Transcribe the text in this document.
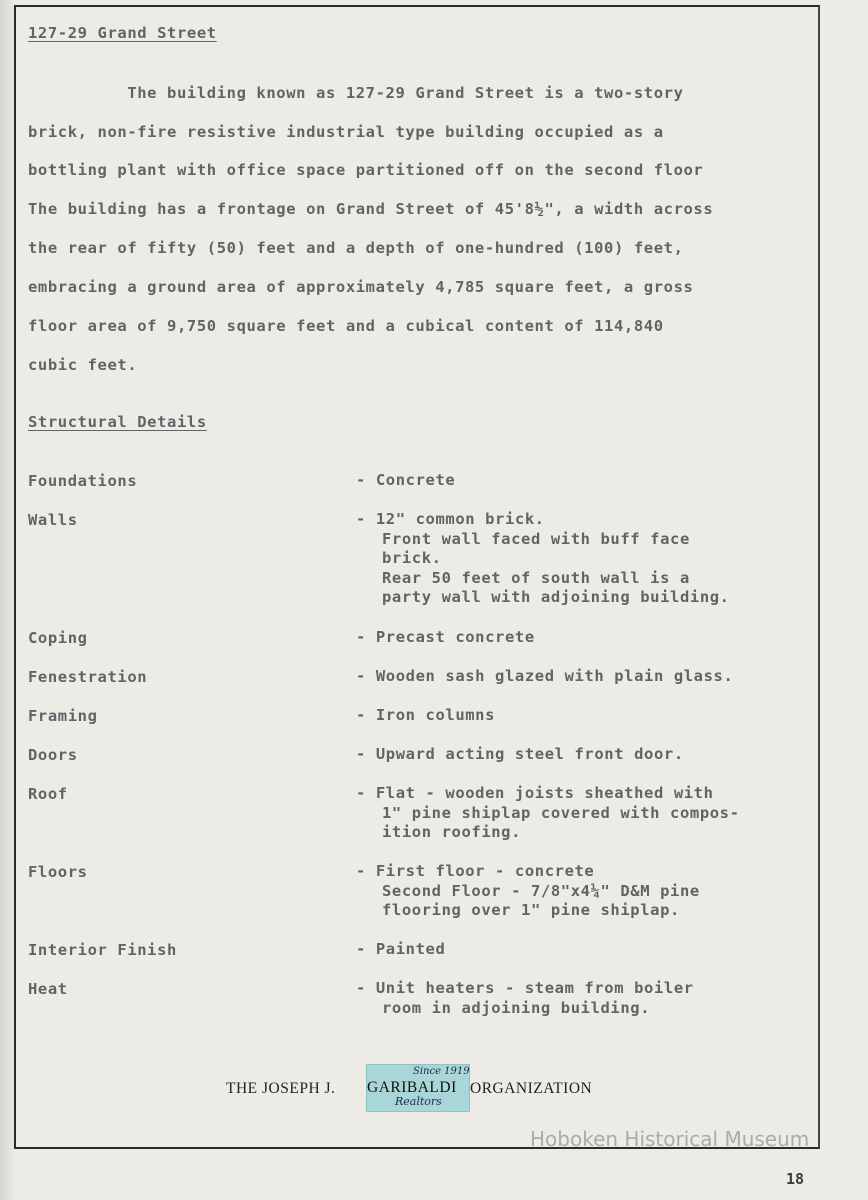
127-29 Grand Street
The building known as 127-29 Grand Street is a two-story
brick, non-fire resistive industrial type building occupied as a
bottling plant with office space partitioned off on the second floor
The building has a frontage on Grand Street of 45'8½", a width across
the rear of fifty (50) feet and a depth of one-hundred (100) feet,
embracing a ground area of approximately 4,785 square feet, a gross
floor area of 9,750 square feet and a cubical content of 114,840
cubic feet.
Structural Details
Foundations	- Concrete
Walls	- 12" common brick.
Front wall faced with buff face
brick.
Rear 50 feet of south wall is a
party wall with adjoining building.
Coping	- Precast concrete
Fenestration	- Wooden sash glazed with plain glass.
Framing	- Iron columns
Doors	- Upward acting steel front door.
Roof	- Flat - wooden joists sheathed with
1" pine shiplap covered with compos-
ition roofing.
Floors	- First floor - concrete
Second Floor - 7/8"x4¼" D&M pine
flooring over 1" pine shiplap.
Interior Finish	- Painted
Heat	- Unit heaters - steam from boiler
room in adjoining building.
THE JOSEPH J.
Since 1919
GARIBALDI
Realtors
ORGANIZATION
Hoboken Historical Museum
18
